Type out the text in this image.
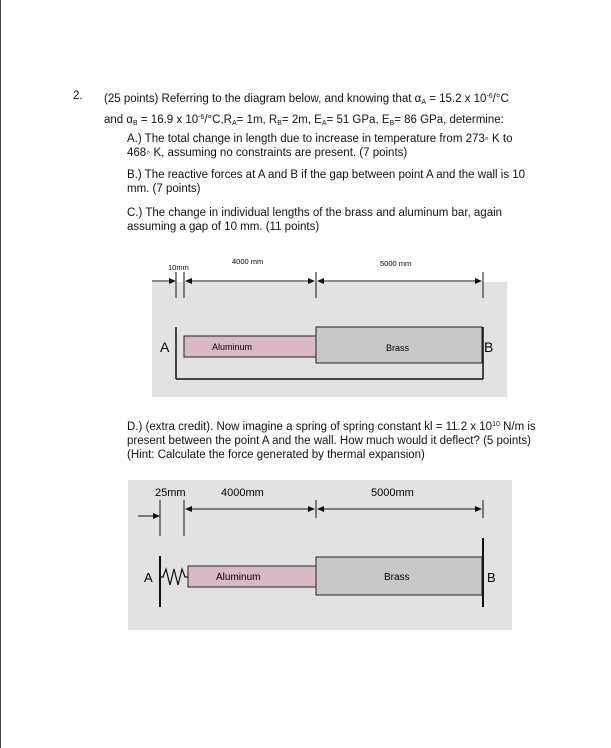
2. (25 points) Referring to the diagram below, and knowing that $\alpha_A = 15.2$ x $10^{-6}/^\circ C$
and $\alpha_B = 16.9$ x $10^{-6}/^\circ C,R_A= 1m$, $R_B= 2m$, $E_A= 51$ GPa, $E_B= 86$ GPa, determine:
A.) The total change in length due to increase in temperature from 273◦ K to 468◦ K, assuming no constraints are present. (7 points)
B.) The reactive forces at A and B if the gap between point A and the wall is 10 mm. (7 points)
C.) The change in individual lengths of the brass and aluminum bar, again assuming a gap of 10 mm. (11 points)
D.) (extra credit). Now imagine a spring of spring constant kl = 11.2 x $10^{10}$ N/m is present between the point A and the wall. How much would it deflect? (5 points) (Hint: Calculate the force generated by thermal expansion)
10mm
4000 mm	5000 mm
A	B
Aluminum	Brass
25mm	4000mm	5000mm
A	B
Aluminum	Brass
